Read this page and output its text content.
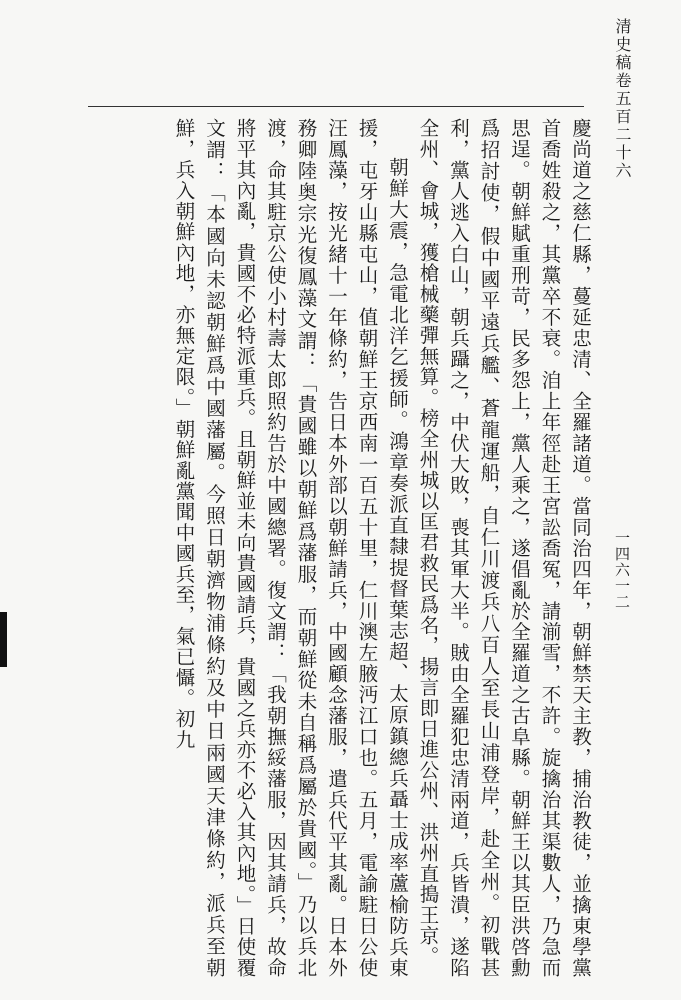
清史稿卷五百二十六
一四六一二

慶尚道之慈仁縣，蔓延忠清、全羅諸道。當同治四年，朝鮮禁天主教，捕治教徒，並擒東學黨首喬姓殺之，其黨卒不衰。洎上年徑赴王宮訟喬冤，請湔雪，不許。旋擒治其渠數人，乃急而思逞。朝鮮賦重刑苛，民多怨上，黨人乘之，遂倡亂於全羅道之古阜縣。朝鮮王以其臣洪啓勳爲招討使，假中國平遠兵艦、蒼龍運船，自仁川渡兵八百人至長山浦登岸，赴全州。初戰甚利，黨人逃入白山，朝兵躡之，中伏大敗，喪其軍大半。賊由全羅犯忠清兩道，兵皆潰，遂陷全州、會城，獲槍械藥彈無算。榜全州城以匡君救民爲名，揚言即日進公州、洪州直搗王京。

朝鮮大震，急電北洋乞援師。鴻章奏派直隸提督葉志超、太原鎮總兵聶士成率蘆榆防兵東援，屯牙山縣屯山，值朝鮮王京西南一百五十里，仁川澳左腋沔江口也。五月，電諭駐日公使汪鳳藻，按光緒十一年條約，告日本外部以朝鮮請兵，中國顧念藩服，遣兵代平其亂。日本外務卿陸奥宗光復鳳藻文謂：「貴國雖以朝鮮爲藩服，而朝鮮從未自稱爲屬於貴國。」乃以兵北渡，命其駐京公使小村壽太郎照約告於中國總署。復文謂：「我朝撫綏藩服，因其請兵，故命將平其內亂，貴國不必特派重兵。且朝鮮並未向貴國請兵，貴國之兵亦不必入其內地。」日使覆文謂：「本國向未認朝鮮爲中國藩屬。今照日朝濟物浦條約及中日兩國天津條約，派兵至朝鮮，兵入朝鮮內地，亦無定限。」朝鮮亂黨聞中國兵至，氣已懾。初九
